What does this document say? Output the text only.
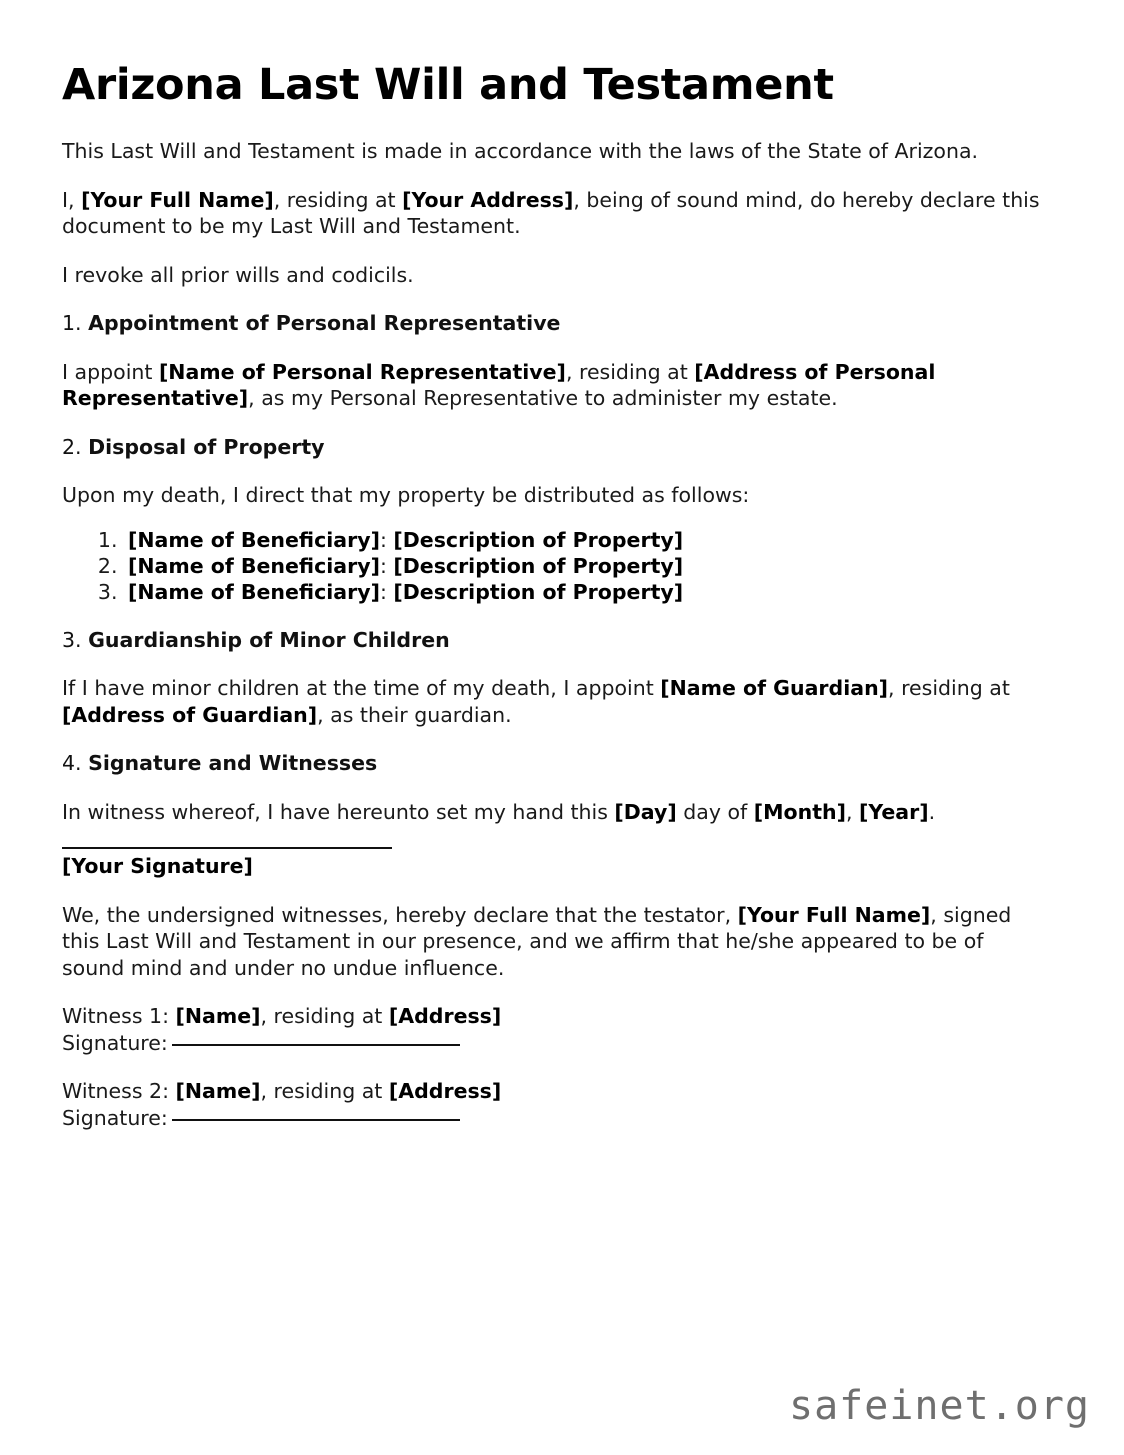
Arizona Last Will and Testament

This Last Will and Testament is made in accordance with the laws of the State of Arizona.

I, [Your Full Name], residing at [Your Address], being of sound mind, do hereby declare this document to be my Last Will and Testament.

I revoke all prior wills and codicils.

1. Appointment of Personal Representative

I appoint [Name of Personal Representative], residing at [Address of Personal Representative], as my Personal Representative to administer my estate.

2. Disposal of Property

Upon my death, I direct that my property be distributed as follows:

1. [Name of Beneficiary]: [Description of Property]
2. [Name of Beneficiary]: [Description of Property]
3. [Name of Beneficiary]: [Description of Property]
3. Guardianship of Minor Children

If I have minor children at the time of my death, I appoint [Name of Guardian], residing at [Address of Guardian], as their guardian.

4. Signature and Witnesses

In witness whereof, I have hereunto set my hand this [Day] day of [Month], [Year].

[Your Signature]

We, the undersigned witnesses, hereby declare that the testator, [Your Full Name], signed this Last Will and Testament in our presence, and we affirm that he/she appeared to be of sound mind and under no undue influence.

Witness 1: [Name], residing at [Address]
Signature:
Witness 2: [Name], residing at [Address]
Signature:
safeinet.org
